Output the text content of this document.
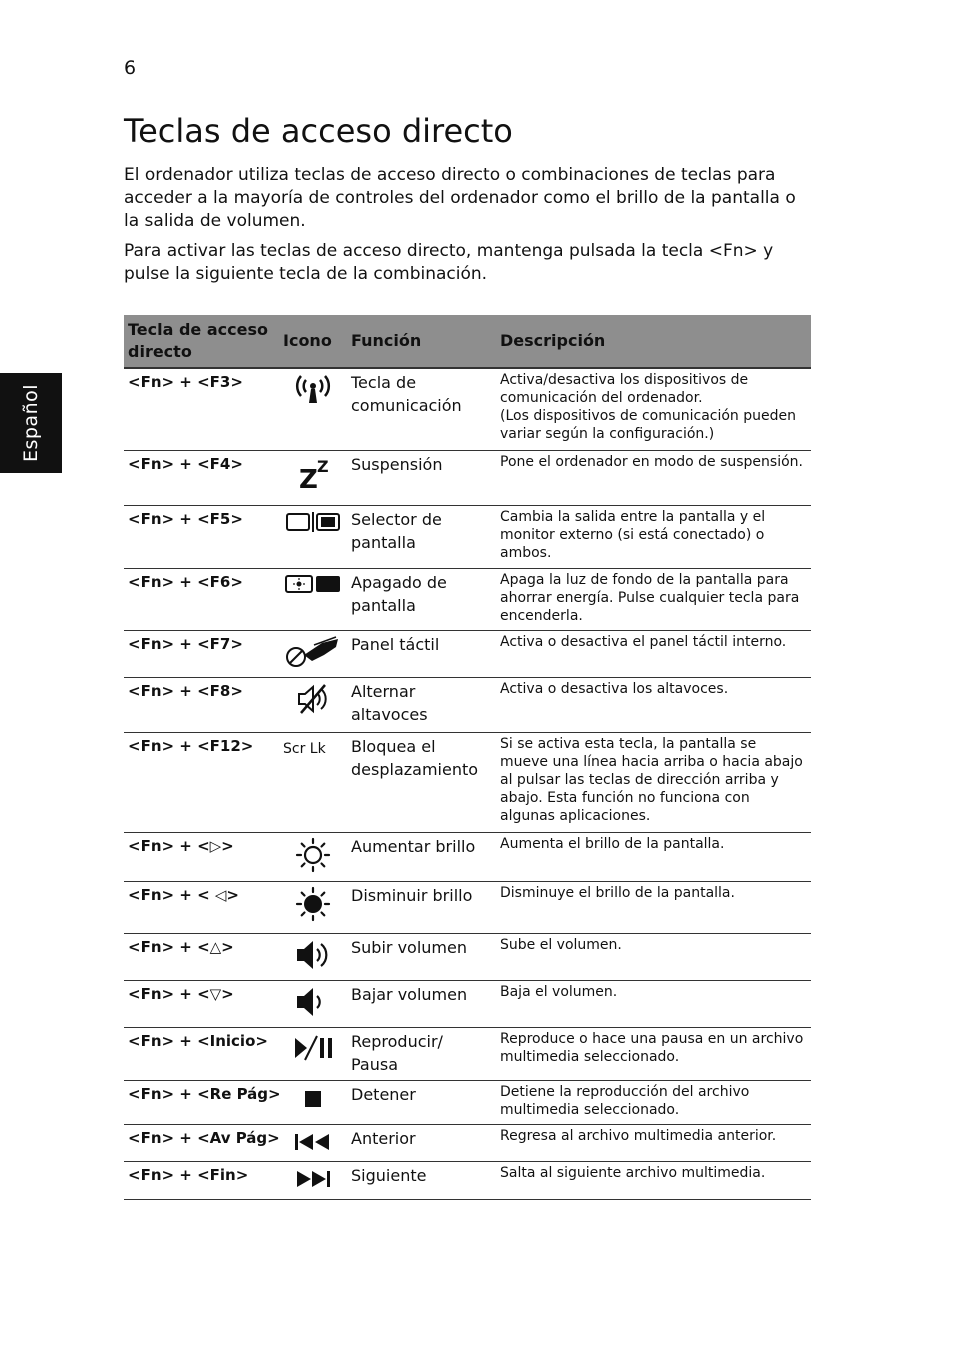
6
Español
Teclas de acceso directo

El ordenador utiliza teclas de acceso directo o combinaciones de teclas para acceder a la mayoría de controles del ordenador como el brillo de la pantalla o la salida de volumen.

Para activar las teclas de acceso directo, mantenga pulsada la tecla <Fn> y pulse la siguiente tecla de la combinación.

Tecla de acceso directo	Icono	Función	Descripción
<Fn> + <F3>		Tecla de comunicación	Activa/desactiva los dispositivos de comunicación del ordenador.
(Los dispositivos de comunicación pueden variar según la configuración.)
<Fn> + <F4>	Z Z	Suspensión	Pone el ordenador en modo de suspensión.
<Fn> + <F5>		Selector de pantalla	Cambia la salida entre la pantalla y el monitor externo (si está conectado) o ambos.
<Fn> + <F6>		Apagado de pantalla	Apaga la luz de fondo de la pantalla para ahorrar energía. Pulse cualquier tecla para encenderla.
<Fn> + <F7>		Panel táctil	Activa o desactiva el panel táctil interno.
<Fn> + <F8>		Alternar altavoces	Activa o desactiva los altavoces.
<Fn> + <F12>	Scr Lk	Bloquea el desplazamiento	Si se activa esta tecla, la pantalla se mueve una línea hacia arriba o hacia abajo al pulsar las teclas de dirección arriba y abajo. Esta función no funciona con algunas aplicaciones.
<Fn> + <▷>		Aumentar brillo	Aumenta el brillo de la pantalla.
<Fn> + < ◁>		Disminuir brillo	Disminuye el brillo de la pantalla.
<Fn> + <△>		Subir volumen	Sube el volumen.
<Fn> + <▽>		Bajar volumen	Baja el volumen.
<Fn> + <Inicio>		Reproducir/ Pausa	Reproduce o hace una pausa en un archivo multimedia seleccionado.
<Fn> + <Re Pág>		Detener	Detiene la reproducción del archivo multimedia seleccionado.
<Fn> + <Av Pág>		Anterior	Regresa al archivo multimedia anterior.
<Fn> + <Fin>		Siguiente	Salta al siguiente archivo multimedia.
